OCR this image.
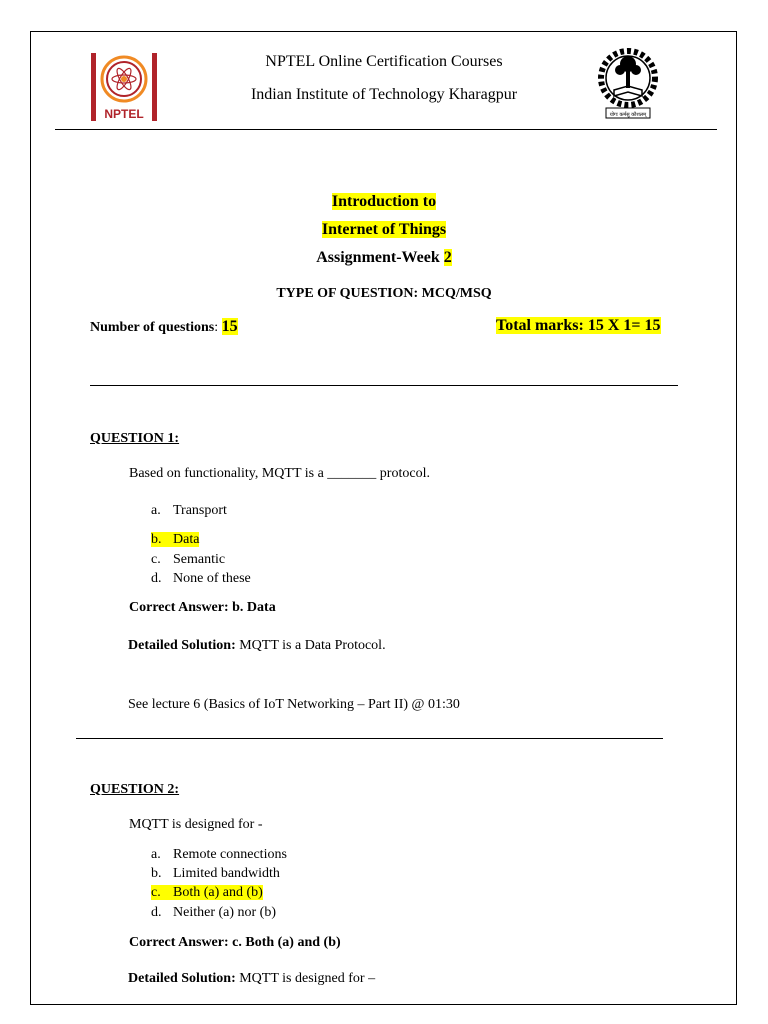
NPTEL	योगः कर्मसु कौशलम्
NPTEL Online Certification Courses
Indian Institute of Technology Kharagpur
Introduction to
Internet of Things
Assignment-Week 2
TYPE OF QUESTION: MCQ/MSQ
Number of questions: 15	Total marks: 15 X 1= 15
QUESTION 1:
Based on functionality, MQTT is a _______ protocol.
a. Transport
b. Data
c. Semantic
d. None of these
Correct Answer: b. Data
Detailed Solution: MQTT is a Data Protocol.
See lecture 6 (Basics of IoT Networking – Part II) @ 01:30
QUESTION 2:
MQTT is designed for -
a. Remote connections
b. Limited bandwidth
c. Both (a) and (b)
d. Neither (a) nor (b)
Correct Answer: c. Both (a) and (b)
Detailed Solution: MQTT is designed for –
